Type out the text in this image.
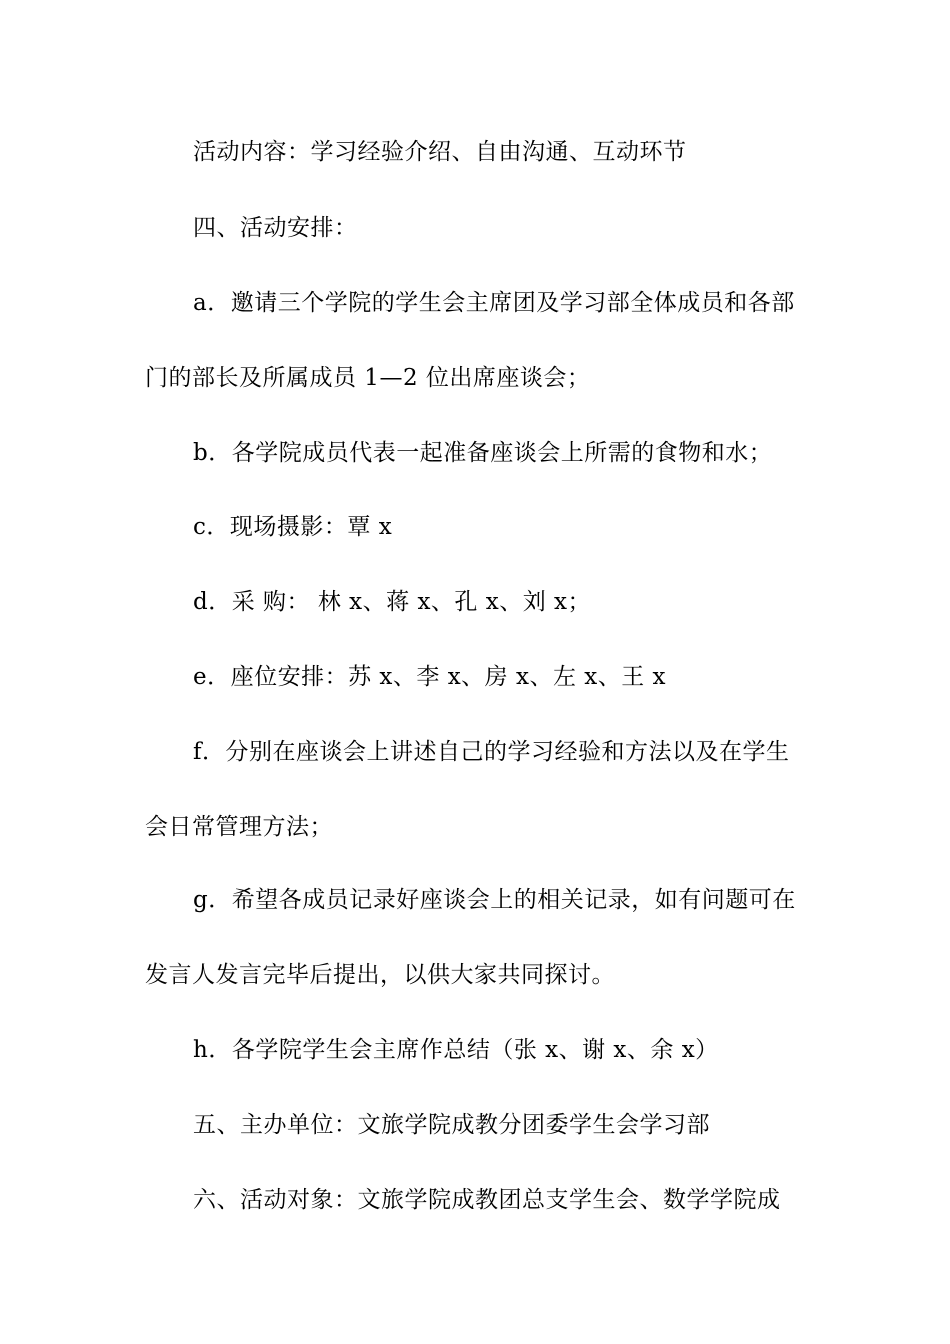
活动内容：学习经验介绍、自由沟通、互动环节
四、活动安排：
a．邀请三个学院的学生会主席团及学习部全体成员和各部
门的部长及所属成员 1—2 位出席座谈会；
b．各学院成员代表一起准备座谈会上所需的食物和水；
c．现场摄影：覃 x
d．采 购： 林 x、蒋 x、孔 x、刘 x；
e．座位安排：苏 x、李 x、房 x、左 x、王 x
f．分别在座谈会上讲述自己的学习经验和方法以及在学生
会日常管理方法；
g．希望各成员记录好座谈会上的相关记录，如有问题可在
发言人发言完毕后提出，以供大家共同探讨。
h．各学院学生会主席作总结（张 x、谢 x、余 x）
五、主办单位：文旅学院成教分团委学生会学习部
六、活动对象：文旅学院成教团总支学生会、数学学院成
